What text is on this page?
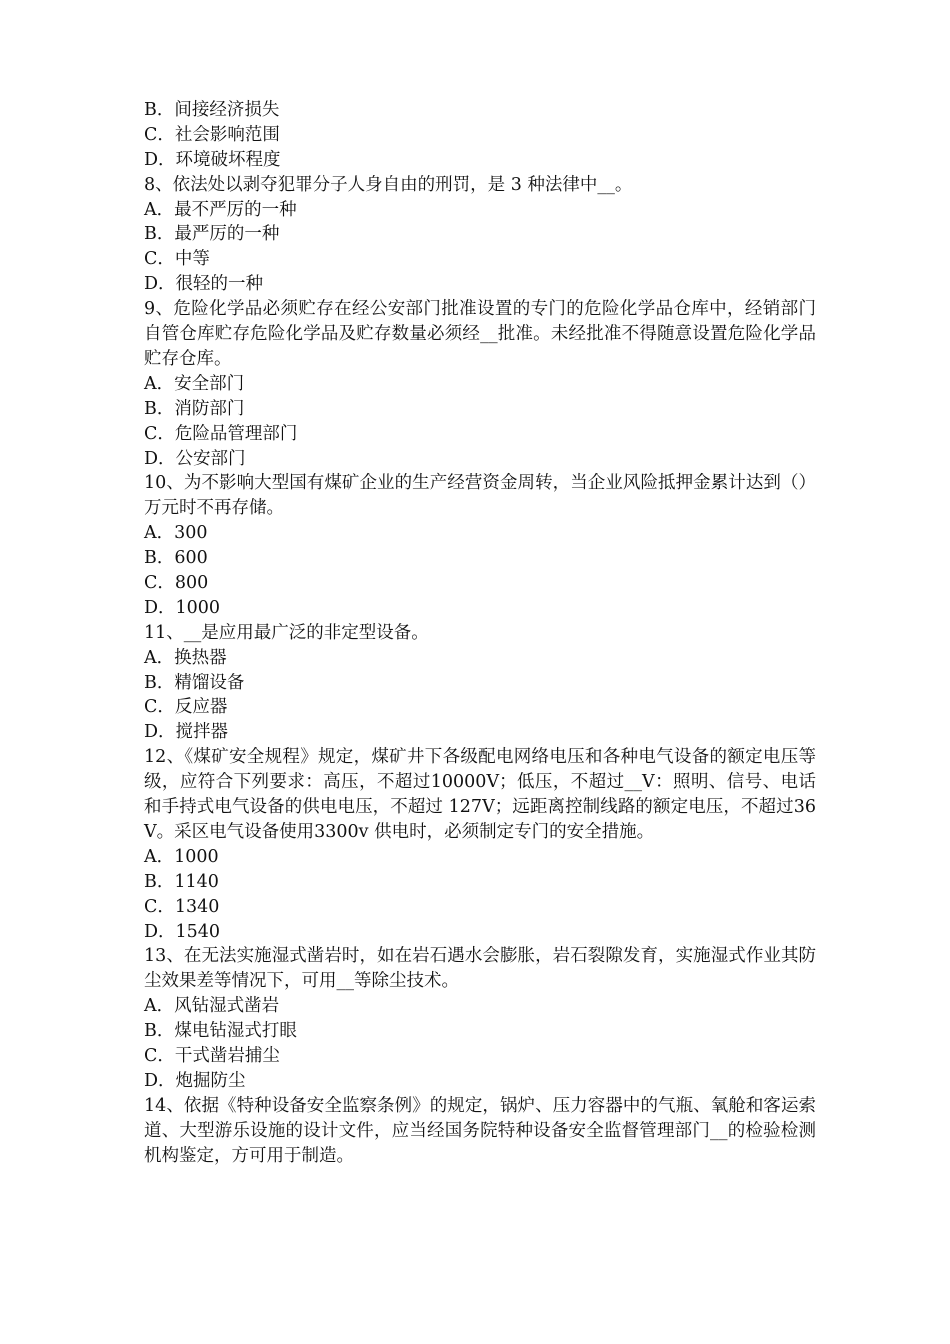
B．间接经济损失
C．社会影响范围
D．环境破坏程度
8、依法处以剥夺犯罪分子人身自由的刑罚，是 3 种法律中__。
A．最不严厉的一种
B．最严厉的一种
C．中等
D．很轻的一种
9、危险化学品必须贮存在经公安部门批准设置的专门的危险化学品仓库中，经销部门自管仓库贮存危险化学品及贮存数量必须经__批准。未经批准不得随意设置危险化学品贮存仓库。
A．安全部门
B．消防部门
C．危险品管理部门
D．公安部门
10、为不影响大型国有煤矿企业的生产经营资金周转，当企业风险抵押金累计达到（）万元时不再存储。
A．300
B．600
C．800
D．1000
11、__是应用最广泛的非定型设备。
A．换热器
B．精馏设备
C．反应器
D．搅拌器
12、《煤矿安全规程》规定，煤矿井下各级配电网络电压和各种电气设备的额定电压等级，应符合下列要求：高压，不超过10000V；低压，不超过__V：照明、信号、电话和手持式电气设备的供电电压，不超过 127V；远距离控制线路的额定电压，不超过36V。采区电气设备使用3300v 供电时，必须制定专门的安全措施。
A．1000
B．1140
C．1340
D．1540
13、在无法实施湿式凿岩时，如在岩石遇水会膨胀，岩石裂隙发育，实施湿式作业其防尘效果差等情况下，可用__等除尘技术。
A．风钻湿式凿岩
B．煤电钻湿式打眼
C．干式凿岩捕尘
D．炮掘防尘
14、依据《特种设备安全监察条例》的规定，锅炉、压力容器中的气瓶、氧舱和客运索道、大型游乐设施的设计文件，应当经国务院特种设备安全监督管理部门__的检验检测机构鉴定，方可用于制造。
